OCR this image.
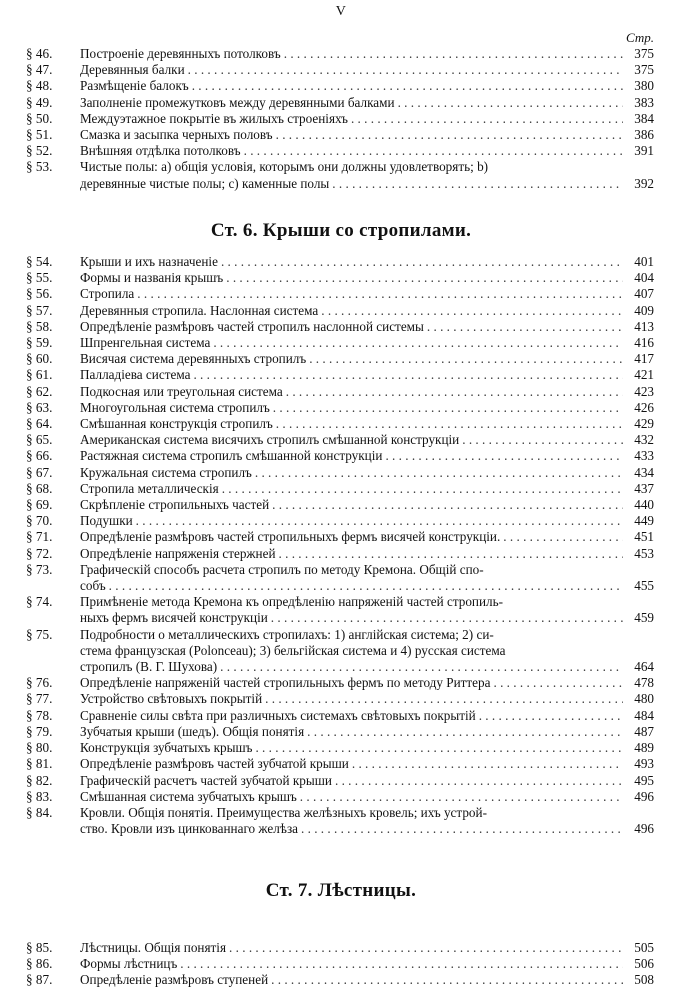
V
Стр.
§ 46.	Построеніе деревянныхъ потолковъ . . .	375
§ 47.	Деревянныя балки . . .	375
§ 48.	Размѣщеніе балокъ . . .	380
§ 49.	Заполненіе промежутковъ между деревянными балками . . .	383
§ 50.	Междуэтажное покрытіе въ жилыхъ строеніяхъ . . .	384
§ 51.	Смазка и засыпка черныхъ половъ . . .	386
§ 52.	Внѣшняя отдѣлка потолковъ . . .	391
§ 53.	Чистые полы: а) общія условія, которымъ они должны удовлетворять; b)
деревянные чистые полы; с) каменные полы . . .	392
Ст. 6. Крыши со стропилами.
§ 54.	Крыши и ихъ назначеніе . . .	401
§ 55.	Формы и названія крышъ . . .	404
§ 56.	Стропила . . .	407
§ 57.	Деревянныя стропила. Наслонная система . . .	409
§ 58.	Опредѣленіе размѣровъ частей стропилъ наслонной системы . . .	413
§ 59.	Шпренгельная система . . .	416
§ 60.	Висячая система деревянныхъ стропилъ . . .	417
§ 61.	Палладіева система . . .	421
§ 62.	Подкосная или треугольная система . . .	423
§ 63.	Многоугольная система стропилъ . . .	426
§ 64.	Смѣшанная конструкція стропилъ . . .	429
§ 65.	Американская система висячихъ стропилъ смѣшанной конструкціи . . .	432
§ 66.	Растяжная система стропилъ смѣшанной конструкціи . . .	433
§ 67.	Кружальная система стропилъ . . .	434
§ 68.	Стропила металлическія . . .	437
§ 69.	Скрѣпленіе стропильныхъ частей . . .	440
§ 70.	Подушки . . .	449
§ 71.	Опредѣленіе размѣровъ частей стропильныхъ фермъ висячей конструкціи. . . .	451
§ 72.	Опредѣленіе напряженія стержней . . .	453
§ 73.	Графическій способъ расчета стропилъ по методу Кремона. Общій спо-
собъ . . .	455
§ 74.	Примѣненіе метода Кремона къ опредѣленію напряженій частей стропиль-
ныхъ фермъ висячей конструкціи . . .	459
§ 75.	Подробности о металлическихъ стропилахъ: 1) англійская система; 2) си-
стема французская (Polonceau); 3) бельгійская система и 4) русская система
стропилъ (В. Г. Шухова) . . .	464
§ 76.	Опредѣленіе напряженій частей стропильныхъ фермъ по методу Риттера . . .	478
§ 77.	Устройство свѣтовыхъ покрытій . . .	480
§ 78.	Сравненіе силы свѣта при различныхъ системахъ свѣтовыхъ покрытій . . .	484
§ 79.	Зубчатыя крыши (шедъ). Общія понятія . . .	487
§ 80.	Конструкція зубчатыхъ крышъ . . .	489
§ 81.	Опредѣленіе размѣровъ частей зубчатой крыши . . .	493
§ 82.	Графическій расчетъ частей зубчатой крыши . . .	495
§ 83.	Смѣшанная система зубчатыхъ крышъ . . .	496
§ 84.	Кровли. Общія понятія. Преимущества желѣзныхъ кровель; ихъ устрой-
ство. Кровли изъ цинкованнаго желѣза . . .	496
Ст. 7. Лѣстницы.
§ 85.	Лѣстницы. Общія понятія . . .	505
§ 86.	Формы лѣстницъ . . .	506
§ 87.	Опредѣленіе размѣровъ ступеней . . .	508
